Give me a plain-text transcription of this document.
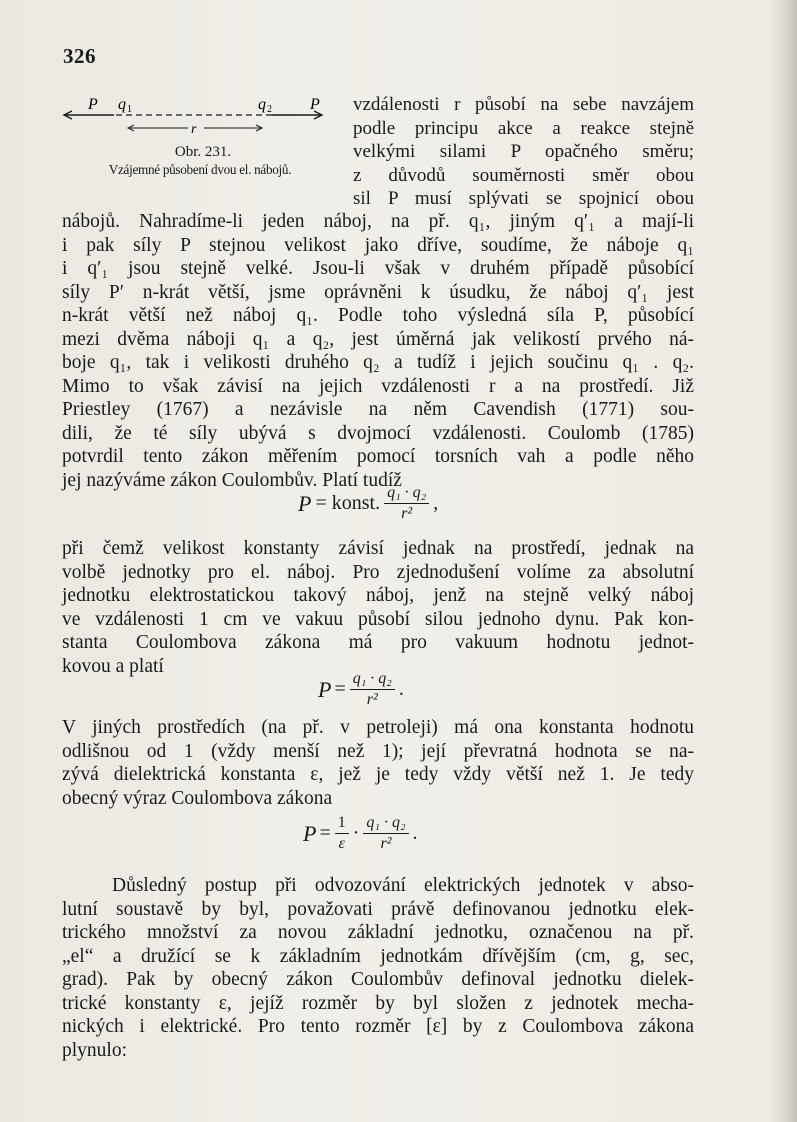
326
P q 1	q 2 P
r
Obr. 231.
Vzájemné působení dvou el. nábojů.
vzdálenosti r působí na sebe navzájem
podle principu akce a reakce stejně
velkými silami P opačného směru;
z důvodů souměrnosti směr obou
sil P musí splývati se spojnicí obou
nábojů. Nahradíme-li jeden náboj, na př. q₁, jiným q′₁ a mají-li
i pak síly P stejnou velikost jako dříve, soudíme, že náboje q₁
i q′₁ jsou stejně velké. Jsou-li však v druhém případě působící
síly P′ n-krát větší, jsme oprávněni k úsudku, že náboj q′₁ jest
n-krát větší než náboj q₁. Podle toho výsledná síla P, působící
mezi dvěma náboji q₁ a q₂, jest úměrná jak velikostí prvého ná-
boje q₁, tak i velikosti druhého q₂ a tudíž i jejich součinu q₁ . q₂.
Mimo to však závisí na jejich vzdálenosti r a na prostředí. Již
Priestley (1767) a nezávisle na něm Cavendish (1771) sou-
dili, že té síly ubývá s dvojmocí vzdálenosti. Coulomb (1785)
potvrdil tento zákon měřením pomocí torsních vah a podle něho
jej nazýváme zákon Coulombův. Platí tudíž
P = konst. $\frac{\text{q₁ · q₂}}{\text{r²}}$ ,
při čemž velikost konstanty závisí jednak na prostředí, jednak na
volbě jednotky pro el. náboj. Pro zjednodušení volíme za absolutní
jednotku elektrostatickou takový náboj, jenž na stejně velký náboj
ve vzdálenosti 1 cm ve vakuu působí silou jednoho dynu. Pak kon-
stanta Coulombova zákona má pro vakuum hodnotu jednot-
kovou a platí
$P = \frac{\text{q₁ · q₂}}{\text{r²}}$ .
V jiných prostředích (na př. v petroleji) má ona konstanta hodnotu
odlišnou od 1 (vždy menší než 1); její převratná hodnota se na-
zývá dielektrická konstanta ε, jež je tedy vždy větší než 1. Je tedy
obecný výraz Coulombova zákona
$P = \frac{1}{\varepsilon} \cdot \frac{\text{q₁ · q₂}}{\text{r²}}$ .
Důsledný postup při odvozování elektrických jednotek v abso-
lutní soustavě by byl, považovati právě definovanou jednotku elek-
trického množství za novou základní jednotku, označenou na př.
„el“ a družící se k základním jednotkám dřívějším (cm, g, sec,
grad). Pak by obecný zákon Coulombův definoval jednotku dielek-
trické konstanty ε, jejíž rozměr by byl složen z jednotek mecha-
nických i elektrické. Pro tento rozměr [ε] by z Coulombova zákona
plynulo:
